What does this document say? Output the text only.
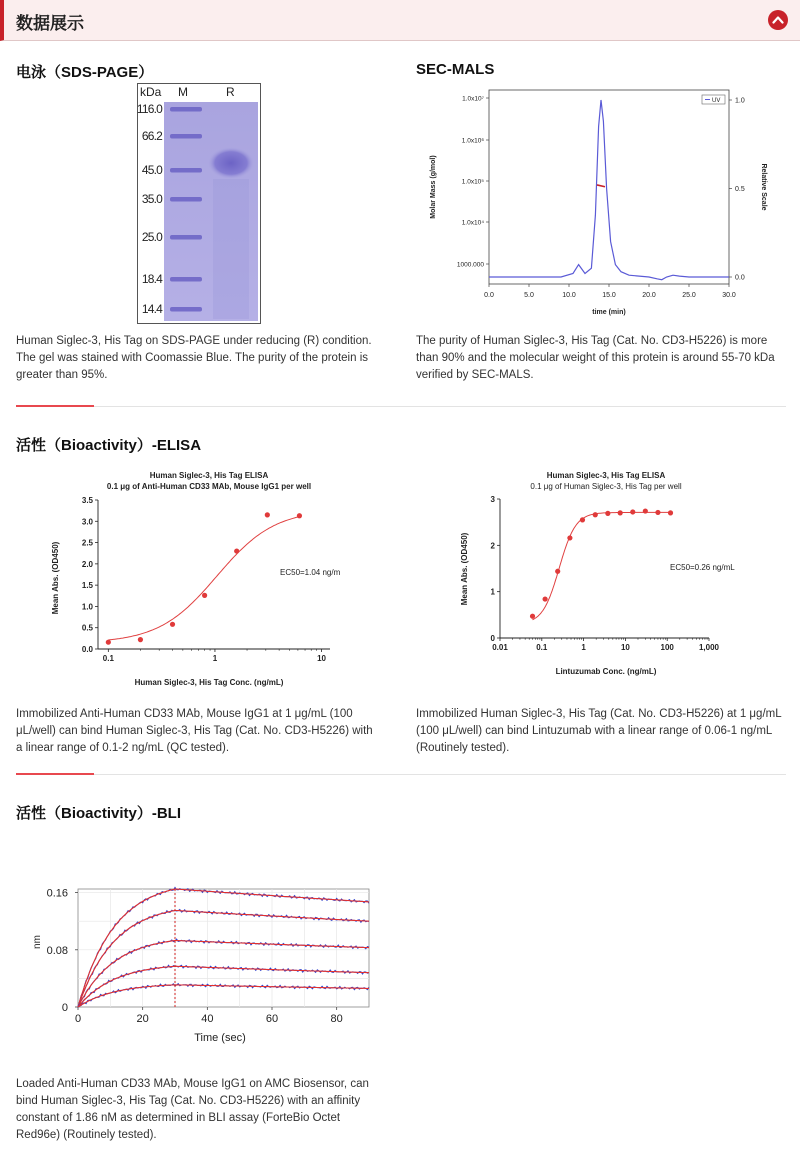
数据展示
电泳（SDS-PAGE）
kDa M	R
116.0
66.2
45.0
35.0
25.0
18.4
14.4
Human Siglec-3, His Tag on SDS-PAGE under reducing (R) condition. The gel was stained with Coomassie Blue. The purity of the protein is greater than 95%.
SEC-MALS
0.0	5.0	10.0	15.0	20.0	25.0	30.0
1.0x10⁷
1.0x10⁶
1.0x10⁵
1.0x10⁴
1000.000
1.0
0.5
0.0
UV
time (min)
Molar Mass (g/mol)	Relative Scale
The purity of Human Siglec-3, His Tag (Cat. No. CD3-H5226) is more than 90% and the molecular weight of this protein is around 55-70 kDa verified by SEC-MALS.
活性（Bioactivity）-ELISA
Human Siglec-3, His Tag ELISA
0.1 μg of Anti-Human CD33 MAb, Mouse IgG1 per well
0.0
0.5
1.0
1.5
2.0
2.5
3.0
3.5
0.1	1	10
EC50=1.04 ng/mL
Human Siglec-3, His Tag Conc. (ng/mL)
Mean Abs. (OD450)
Human Siglec-3, His Tag ELISA
0.1 μg of Human Siglec-3, His Tag per well
0
1
2
3
0.01	0.1	1	10	100	1,000
EC50=0.26 ng/mL
Lintuzumab Conc. (ng/mL)
Mean Abs. (OD450)
Immobilized Anti-Human CD33 MAb, Mouse IgG1 at 1 μg/mL (100 μL/well) can bind Human Siglec-3, His Tag (Cat. No. CD3-H5226) with a linear range of 0.1-2 ng/mL (QC tested).
Immobilized Human Siglec-3, His Tag (Cat. No. CD3-H5226) at 1 μg/mL (100 μL/well) can bind Lintuzumab with a linear range of 0.06-1 ng/mL (Routinely tested).
活性（Bioactivity）-BLI
0	20	40	60	80
0
0.08
0.16
Time (sec)
nm
Loaded Anti-Human CD33 MAb, Mouse IgG1 on AMC Biosensor, can bind Human Siglec-3, His Tag (Cat. No. CD3-H5226) with an affinity constant of 1.86 nM as determined in BLI assay (ForteBio Octet Red96e) (Routinely tested).
